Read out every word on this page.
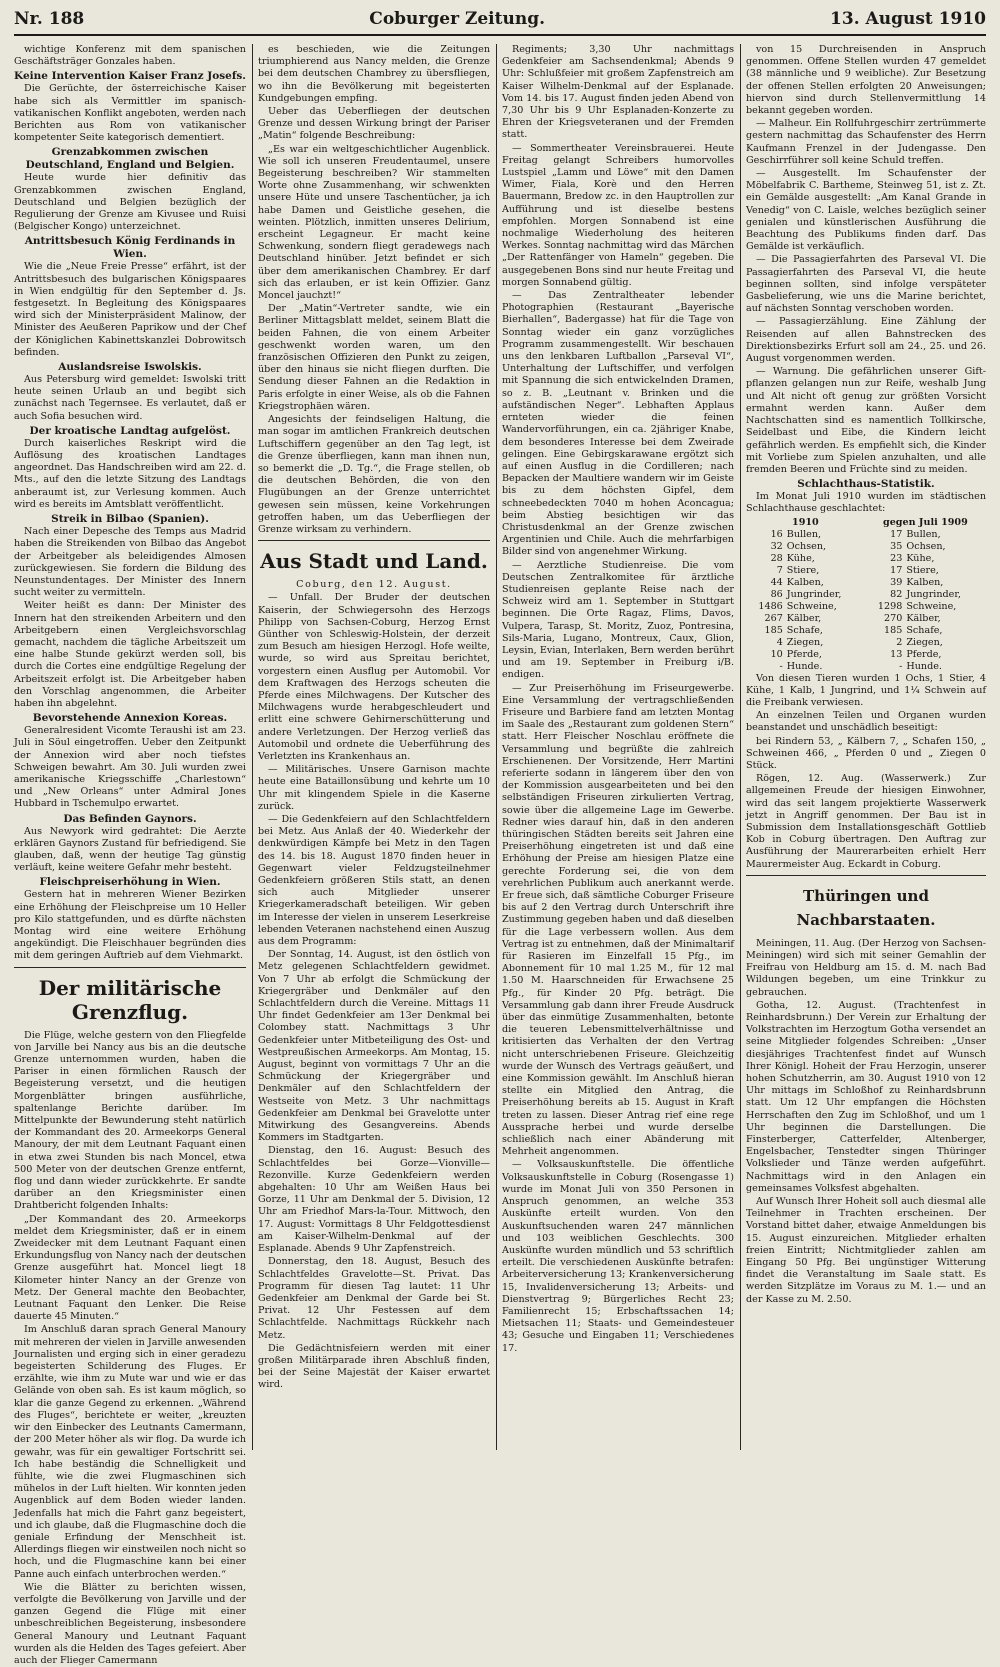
Nr. 188	Coburger Zeitung.	13. August 1910

wichtige Konferenz mit dem spanischen Geschäftsträger Gonzales haben.

Keine Intervention Kaiser Franz Josefs.

Die Gerüchte, der österreichische Kaiser habe sich als Vermittler im spanisch-vatikanischen Konflikt angeboten, werden nach Berichten aus Rom von vatikanischer kompetenter Seite kategorisch dementiert.

Grenzabkommen zwischen Deutschland, England und Belgien.

Heute wurde hier definitiv das Grenzabkommen zwischen England, Deutschland und Belgien bezüglich der Regulierung der Grenze am Kivusee und Ruisi (Belgischer Kongo) unterzeichnet.

Antrittsbesuch König Ferdinands in Wien.

Wie die „Neue Freie Presse“ erfährt, ist der Antrittsbesuch des bulgarischen Königspaares in Wien endgültig für den September d. Js. festgesetzt. In Begleitung des Königspaares wird sich der Ministerpräsident Malinow, der Minister des Aeußeren Paprikow und der Chef der Königlichen Kabinettskanzlei Dobrowitsch befinden.

Auslandsreise Iswolskis.

Aus Petersburg wird gemeldet: Iswolski tritt heute seinen Urlaub an und begibt sich zunächst nach Tegernsee. Es verlautet, daß er auch Sofia besuchen wird.

Der kroatische Landtag aufgelöst.

Durch kaiserliches Reskript wird die Auflösung des kroatischen Landtages angeordnet. Das Handschreiben wird am 22. d. Mts., auf den die letzte Sitzung des Landtags anberaumt ist, zur Verlesung kommen. Auch wird es bereits im Amtsblatt veröffentlicht.

Streik in Bilbao (Spanien).

Nach einer Depesche des Temps aus Madrid haben die Streikenden von Bilbao das Angebot der Arbeitgeber als beleidigendes Almosen zurückgewiesen. Sie fordern die Bildung des Neunstundentages. Der Minister des Innern sucht weiter zu vermitteln.

Weiter heißt es dann: Der Minister des Innern hat den streikenden Arbeitern und den Arbeitgebern einen Vergleichsvorschlag gemacht, nachdem die tägliche Arbeitszeit um eine halbe Stunde gekürzt werden soll, bis durch die Cortes eine endgültige Regelung der Arbeitszeit erfolgt ist. Die Arbeitgeber haben den Vorschlag angenommen, die Arbeiter haben ihn abgelehnt.

Bevorstehende Annexion Koreas.

Generalresident Vicomte Teraushi ist am 23. Juli in Söul eingetroffen. Ueber den Zeitpunkt der Annexion wird aber noch tiefstes Schweigen bewahrt. Am 30. Juli wurden zwei amerikanische Kriegsschiffe „Charlestown“ und „New Orleans“ unter Admiral Jones Hubbard in Tschemulpo erwartet.

Das Befinden Gaynors.

Aus Newyork wird gedrahtet: Die Aerzte erklären Gaynors Zustand für befriedigend. Sie glauben, daß, wenn der heutige Tag günstig verläuft, keine weitere Gefahr mehr besteht.

Fleischpreiserhöhung in Wien.

Gestern hat in mehreren Wiener Bezirken eine Erhöhung der Fleischpreise um 10 Heller pro Kilo stattgefunden, und es dürfte nächsten Montag wird eine weitere Erhöhung angekündigt. Die Fleischhauer begründen dies mit dem geringen Auftrieb auf dem Viehmarkt.

Der militärische Grenzflug.

Die Flüge, welche gestern von den Fliegfelde von Jarville bei Nancy aus bis an die deutsche Grenze unternommen wurden, haben die Pariser in einen förmlichen Rausch der Begeisterung versetzt, und die heutigen Morgenblätter bringen ausführliche, spaltenlange Berichte darüber. Im Mittelpunkte der Bewunderung steht natürlich der Kommandant des 20. Armeekorps General Manoury, der mit dem Leutnant Faquant einen in etwa zwei Stunden bis nach Moncel, etwa 500 Meter von der deutschen Grenze entfernt, flog und dann wieder zurückkehrte. Er sandte darüber an den Kriegsminister einen Drahtbericht folgenden Inhalts:

„Der Kommandant des 20. Armeekorps meldet dem Kriegsminister, daß er in einem Zweidecker mit dem Leutnant Faquant einen Erkundungsflug von Nancy nach der deutschen Grenze ausgeführt hat. Moncel liegt 18 Kilometer hinter Nancy an der Grenze von Metz. Der General machte den Beobachter, Leutnant Faquant den Lenker. Die Reise dauerte 45 Minuten.“

Im Anschluß daran sprach General Manoury mit mehreren der vielen in Jarville anwesenden Journalisten und erging sich in einer geradezu begeisterten Schilderung des Fluges. Er erzählte, wie ihm zu Mute war und wie er das Gelände von oben sah. Es ist kaum möglich, so klar die ganze Gegend zu erkennen. „Während des Fluges“, berichtete er weiter, „kreuzten wir den Einbecker des Leutnants Camermann, der 200 Meter höher als wir flog. Da wurde ich gewahr, was für ein gewaltiger Fortschritt sei. Ich habe beständig die Schnelligkeit und fühlte, wie die zwei Flugmaschinen sich mühelos in der Luft hielten. Wir konnten jeden Augenblick auf dem Boden wieder landen. Jedenfalls hat mich die Fahrt ganz begeistert, und ich glaube, daß die Flugmaschine doch die geniale Erfindung der Menschheit ist. Allerdings fliegen wir einstweilen noch nicht so hoch, und die Flugmaschine kann bei einer Panne auch einfach unterbrochen werden.“

Wie die Blätter zu berichten wissen, verfolgte die Bevölkerung von Jarville und der ganzen Gegend die Flüge mit einer unbeschreiblichen Begeisterung, insbesondere General Manoury und Leutnant Faquant wurden als die Helden des Tages gefeiert. Aber auch der Flieger Camermann

es beschieden, wie die Zeitungen triumphierend aus Nancy melden, die Grenze bei dem deutschen Chambrey zu übersfliegen, wo ihn die Bevölkerung mit begeisterten Kundgebungen empfing.

Ueber das Ueberfliegen der deutschen Grenze und dessen Wirkung bringt der Pariser „Matin“ folgende Beschreibung:

„Es war ein weltgeschichtlicher Augenblick. Wie soll ich unseren Freudentaumel, unsere Begeisterung beschreiben? Wir stammelten Worte ohne Zusammenhang, wir schwenkten unsere Hüte und unsere Taschentücher, ja ich habe Damen und Geistliche gesehen, die weinten. Plötzlich, inmitten unseres Delirium, erscheint Legagneur. Er macht keine Schwenkung, sondern fliegt geradewegs nach Deutschland hinüber. Jetzt befindet er sich über dem amerikanischen Chambrey. Er darf sich das erlauben, er ist kein Offizier. Ganz Moncel jauchzt!“

Der „Matin“-Vertreter sandte, wie ein Berliner Mittagsblatt meldet, seinem Blatt die beiden Fahnen, die von einem Arbeiter geschwenkt worden waren, um den französischen Offizieren den Punkt zu zeigen, über den hinaus sie nicht fliegen durften. Die Sendung dieser Fahnen an die Redaktion in Paris erfolgte in einer Weise, als ob die Fahnen Kriegstrophäen wären.

Angesichts der feindseligen Haltung, die man sogar im amtlichen Frankreich deutschen Luftschiffern gegenüber an den Tag legt, ist die Grenze überfliegen, kann man ihnen nun, so bemerkt die „D. Tg.“, die Frage stellen, ob die deutschen Behörden, die von den Flugübungen an der Grenze unterrichtet gewesen sein müssen, keine Vorkehrungen getroffen haben, um das Ueberfliegen der Grenze wirksam zu verhindern.

Aus Stadt und Land.

Coburg, den 12. August.

— Unfall. Der Bruder der deutschen Kaiserin, der Schwiegersohn des Herzogs Philipp von Sachsen-Coburg, Herzog Ernst Günther von Schleswig-Holstein, der derzeit zum Besuch am hiesigen Herzogl. Hofe weilte, wurde, so wird aus Spreitau berichtet, vorgestern einen Ausflug per Automobil. Vor dem Kraftwagen des Herzogs scheuten die Pferde eines Milchwagens. Der Kutscher des Milchwagens wurde herabgeschleudert und erlitt eine schwere Gehirnerschütterung und andere Verletzungen. Der Herzog verließ das Automobil und ordnete die Ueberführung des Verletzten ins Krankenhaus an.

— Militärisches. Unsere Garnison machte heute eine Bataillonsübung und kehrte um 10 Uhr mit klingendem Spiele in die Kaserne zurück.

— Die Gedenkfeiern auf den Schlachtfeldern bei Metz. Aus Anlaß der 40. Wiederkehr der denkwürdigen Kämpfe bei Metz in den Tagen des 14. bis 18. August 1870 finden heuer in Gegenwart vieler Feldzugsteilnehmer Gedenkfeiern größeren Stils statt, an denen sich auch Mitglieder unserer Kriegerkameradschaft beteiligen. Wir geben im Interesse der vielen in unserem Leserkreise lebenden Veteranen nachstehend einen Auszug aus dem Programm:

Der Sonntag, 14. August, ist den östlich von Metz gelegenen Schlachtfeldern gewidmet. Von 7 Uhr ab erfolgt die Schmückung der Kriegergräber und Denkmäler auf den Schlachtfeldern durch die Vereine. Mittags 11 Uhr findet Gedenkfeier am 13er Denkmal bei Colombey statt. Nachmittags 3 Uhr Gedenkfeier unter Mitbeteiligung des Ost- und Westpreußischen Armeekorps. Am Montag, 15. August, beginnt von vormittags 7 Uhr an die Schmückung der Kriegergräber und Denkmäler auf den Schlachtfeldern der Westseite von Metz. 3 Uhr nachmittags Gedenkfeier am Denkmal bei Gravelotte unter Mitwirkung des Gesangvereins. Abends Kommers im Stadtgarten.

Dienstag, den 16. August: Besuch des Schlachtfeldes bei Gorze—Vionville—Rezonville. Kurze Gedenkfeiern werden abgehalten: 10 Uhr am Weißen Haus bei Gorze, 11 Uhr am Denkmal der 5. Division, 12 Uhr am Friedhof Mars-la-Tour. Mittwoch, den 17. August: Vormittags 8 Uhr Feldgottesdienst am Kaiser-Wilhelm-Denkmal auf der Esplanade. Abends 9 Uhr Zapfenstreich.

Donnerstag, den 18. August, Besuch des Schlachtfeldes Gravelotte—St. Privat. Das Programm für diesen Tag lautet: 11 Uhr Gedenkfeier am Denkmal der Garde bei St. Privat. 12 Uhr Festessen auf dem Schlachtfelde. Nachmittags Rückkehr nach Metz.

Die Gedächtnisfeiern werden mit einer großen Militärparade ihren Abschluß finden, bei der Seine Majestät der Kaiser erwartet wird.

Regiments; 3,30 Uhr nachmittags Gedenkfeier am Sachsendenkmal; Abends 9 Uhr: Schlußfeier mit großem Zapfenstreich am Kaiser Wilhelm-Denkmal auf der Esplanade. Vom 14. bis 17. August finden jeden Abend von 7,30 Uhr bis 9 Uhr Esplanaden-Konzerte zu Ehren der Kriegsveteranen und der Fremden statt.

— Sommertheater Vereinsbrauerei. Heute Freitag gelangt Schreibers humorvolles Lustspiel „Lamm und Löwe“ mit den Damen Wimer, Fiala, Korè und den Herren Bauermann, Bredow zc. in den Hauptrollen zur Aufführung und ist dieselbe bestens empfohlen. Morgen Sonnabend ist eine nochmalige Wiederholung des heiteren Werkes. Sonntag nachmittag wird das Märchen „Der Rattenfänger von Hameln“ gegeben. Die ausgegebenen Bons sind nur heute Freitag und morgen Sonnabend gültig.

— Das Zentraltheater lebender Photographien (Restaurant „Bayerische Bierhallen“, Badergasse) hat für die Tage von Sonntag wieder ein ganz vorzügliches Programm zusammengestellt. Wir beschauen uns den lenkbaren Luftballon „Parseval VI“, Unterhaltung der Luftschiffer, und verfolgen mit Spannung die sich entwickelnden Dramen, so z. B. „Leutnant v. Brinken und die aufständischen Neger“. Lebhaften Applaus ernteten wieder die feinen Wandervorführungen, ein ca. 2jähriger Knabe, dem besonderes Interesse bei dem Zweirade gelingen. Eine Gebirgskarawane ergötzt sich auf einen Ausflug in die Cordilleren; nach Bepacken der Maultiere wandern wir im Geiste bis zu dem höchsten Gipfel, dem schneebedeckten 7040 m hohen Aconcagua; beim Abstieg besichtigen wir das Christusdenkmal an der Grenze zwischen Argentinien und Chile. Auch die mehrfarbigen Bilder sind von angenehmer Wirkung.

— Aerztliche Studienreise. Die vom Deutschen Zentralkomitee für ärztliche Studienreisen geplante Reise nach der Schweiz wird am 1. September in Stuttgart beginnen. Die Orte Ragaz, Flims, Davos, Vulpera, Tarasp, St. Moritz, Zuoz, Pontresina, Sils-Maria, Lugano, Montreux, Caux, Glion, Leysin, Evian, Interlaken, Bern werden berührt und am 19. September in Freiburg i/B. endigen.

— Zur Preiserhöhung im Friseurgewerbe. Eine Versammlung der vertragschließenden Friseure und Barbiere fand am letzten Montag im Saale des „Restaurant zum goldenen Stern“ statt. Herr Fleischer Noschlau eröffnete die Versammlung und begrüßte die zahlreich Erschienenen. Der Vorsitzende, Herr Martini referierte sodann in längerem über den von der Kommission ausgearbeiteten und bei den selbständigen Friseuren zirkulierten Vertrag, sowie über die allgemeine Lage im Gewerbe. Redner wies darauf hin, daß in den anderen thüringischen Städten bereits seit Jahren eine Preiserhöhung eingetreten ist und daß eine Erhöhung der Preise am hiesigen Platze eine gerechte Forderung sei, die von dem verehrlichen Publikum auch anerkannt werde. Er freue sich, daß sämtliche Coburger Friseure bis auf 2 den Vertrag durch Unterschrift ihre Zustimmung gegeben haben und daß dieselben für die Lage verbessern wollen. Aus dem Vertrag ist zu entnehmen, daß der Minimaltarif für Rasieren im Einzelfall 15 Pfg., im Abonnement für 10 mal 1.25 M., für 12 mal 1.50 M. Haarschneiden für Erwachsene 25 Pfg., für Kinder 20 Pfg. beträgt. Die Versammlung gab dann ihrer Freude Ausdruck über das einmütige Zusammenhalten, betonte die teueren Lebensmittelverhältnisse und kritisierten das Verhalten der den Vertrag nicht unterschriebenen Friseure. Gleichzeitig wurde der Wunsch des Vertrags geäußert, und eine Kommission gewählt. Im Anschluß hieran stellte ein Mitglied den Antrag, die Preiserhöhung bereits ab 15. August in Kraft treten zu lassen. Dieser Antrag rief eine rege Aussprache herbei und wurde derselbe schließlich nach einer Abänderung mit Mehrheit angenommen.

— Volksauskunftstelle. Die öffentliche Volksauskunftstelle in Coburg (Rosengasse 1) wurde im Monat Juli von 350 Personen in Anspruch genommen, an welche 353 Auskünfte erteilt wurden. Von den Auskunftsuchenden waren 247 männlichen und 103 weiblichen Geschlechts. 300 Auskünfte wurden mündlich und 53 schriftlich erteilt. Die verschiedenen Auskünfte betrafen: Arbeiterversicherung 13; Krankenversicherung 15, Invalidenversicherung 13; Arbeits- und Dienstvertrag 9; Bürgerliches Recht 23; Familienrecht 15; Erbschaftssachen 14; Mietsachen 11; Staats- und Gemeindesteuer 43; Gesuche und Eingaben 11; Verschiedenes 17.

von 15 Durchreisenden in Anspruch genommen. Offene Stellen wurden 47 gemeldet (38 männliche und 9 weibliche). Zur Besetzung der offenen Stellen erfolgten 20 Anweisungen; hiervon sind durch Stellenvermittlung 14 bekannt gegeben worden.

— Malheur. Ein Rollfuhrgeschirr zertrümmerte gestern nachmittag das Schaufenster des Herrn Kaufmann Frenzel in der Judengasse. Den Geschirrführer soll keine Schuld treffen.

— Ausgestellt. Im Schaufenster der Möbelfabrik C. Bartheme, Steinweg 51, ist z. Zt. ein Gemälde ausgestellt: „Am Kanal Grande in Venedig“ von C. Laisle, welches bezüglich seiner genialen und künstlerischen Ausführung die Beachtung des Publikums finden darf. Das Gemälde ist verkäuflich.

— Die Passagierfahrten des Parseval VI. Die Passagierfahrten des Parseval VI, die heute beginnen sollten, sind infolge verspäteter Gasbelieferung, wie uns die Marine berichtet, auf nächsten Sonntag verschoben worden.

— Passagierzählung. Eine Zählung der Reisenden auf allen Bahnstrecken des Direktionsbezirks Erfurt soll am 24., 25. und 26. August vorgenommen werden.

— Warnung. Die gefährlichen unserer Giftpflanzen gelangen nun zur Reife, weshalb Jung und Alt nicht oft genug zur größten Vorsicht ermahnt werden kann. Außer dem Nachtschatten sind es namentlich Tollkirsche, Seidelbast und Eibe, die Kindern leicht gefährlich werden. Es empfiehlt sich, die Kinder mit Vorliebe zum Spielen anzuhalten, und alle fremden Beeren und Früchte sind zu meiden.

Schlachthaus-Statistik.

Im Monat Juli 1910 wurden im städtischen Schlachthause geschlachtet:

1910		gegen Juli 1909	
16	Bullen,	17	Bullen,
32	Ochsen,	35	Ochsen,
28	Kühe,	23	Kühe,
7	Stiere,	17	Stiere,
44	Kalben,	39	Kalben,
86	Jungrinder,	82	Jungrinder,
1486	Schweine,	1298	Schweine,
267	Kälber,	270	Kälber,
185	Schafe,	185	Schafe,
4	Ziegen,	2	Ziegen,
10	Pferde,	13	Pferde,
-	Hunde.	-	Hunde.

Von diesen Tieren wurden 1 Ochs, 1 Stier, 4 Kühe, 1 Kalb, 1 Jungrind, und 1¼ Schwein auf die Freibank verwiesen.

An einzelnen Teilen und Organen wurden beanstandet und unschädlich beseitigt:

bei Rindern 53, „ Kälbern 7, „ Schafen 150, „ Schweinen 466, „ Pferden 0 und „ Ziegen 0 Stück.

Rögen, 12. Aug. (Wasserwerk.) Zur allgemeinen Freude der hiesigen Einwohner, wird das seit langem projektierte Wasserwerk jetzt in Angriff genommen. Der Bau ist in Submission dem Installationsgeschäft Gottlieb Kob in Coburg übertragen. Den Auftrag zur Ausführung der Maurerarbeiten erhielt Herr Maurermeister Aug. Eckardt in Coburg.

Thüringen und Nachbarstaaten.

Meiningen, 11. Aug. (Der Herzog von Sachsen-Meiningen) wird sich mit seiner Gemahlin der Freifrau von Heldburg am 15. d. M. nach Bad Wildungen begeben, um eine Trinkkur zu gebrauchen.

Gotha, 12. August. (Trachtenfest in Reinhardsbrunn.) Der Verein zur Erhaltung der Volkstrachten im Herzogtum Gotha versendet an seine Mitglieder folgendes Schreiben: „Unser diesjähriges Trachtenfest findet auf Wunsch Ihrer Königl. Hoheit der Frau Herzogin, unserer hohen Schutzherrin, am 30. August 1910 von 12 Uhr mittags im Schloßhof zu Reinhardsbrunn statt. Um 12 Uhr empfangen die Höchsten Herrschaften den Zug im Schloßhof, und um 1 Uhr beginnen die Darstellungen. Die Finsterberger, Catterfelder, Altenberger, Engelsbacher, Tenstedter singen Thüringer Volkslieder und Tänze werden aufgeführt. Nachmittags wird in den Anlagen ein gemeinsames Volksfest abgehalten.

Auf Wunsch Ihrer Hoheit soll auch diesmal alle Teilnehmer in Trachten erscheinen. Der Vorstand bittet daher, etwaige Anmeldungen bis 15. August einzureichen. Mitglieder erhalten freien Eintritt; Nichtmitglieder zahlen am Eingang 50 Pfg. Bei ungünstiger Witterung findet die Veranstaltung im Saale statt. Es werden Sitzplätze im Voraus zu M. 1.— und an der Kasse zu M. 2.50.
